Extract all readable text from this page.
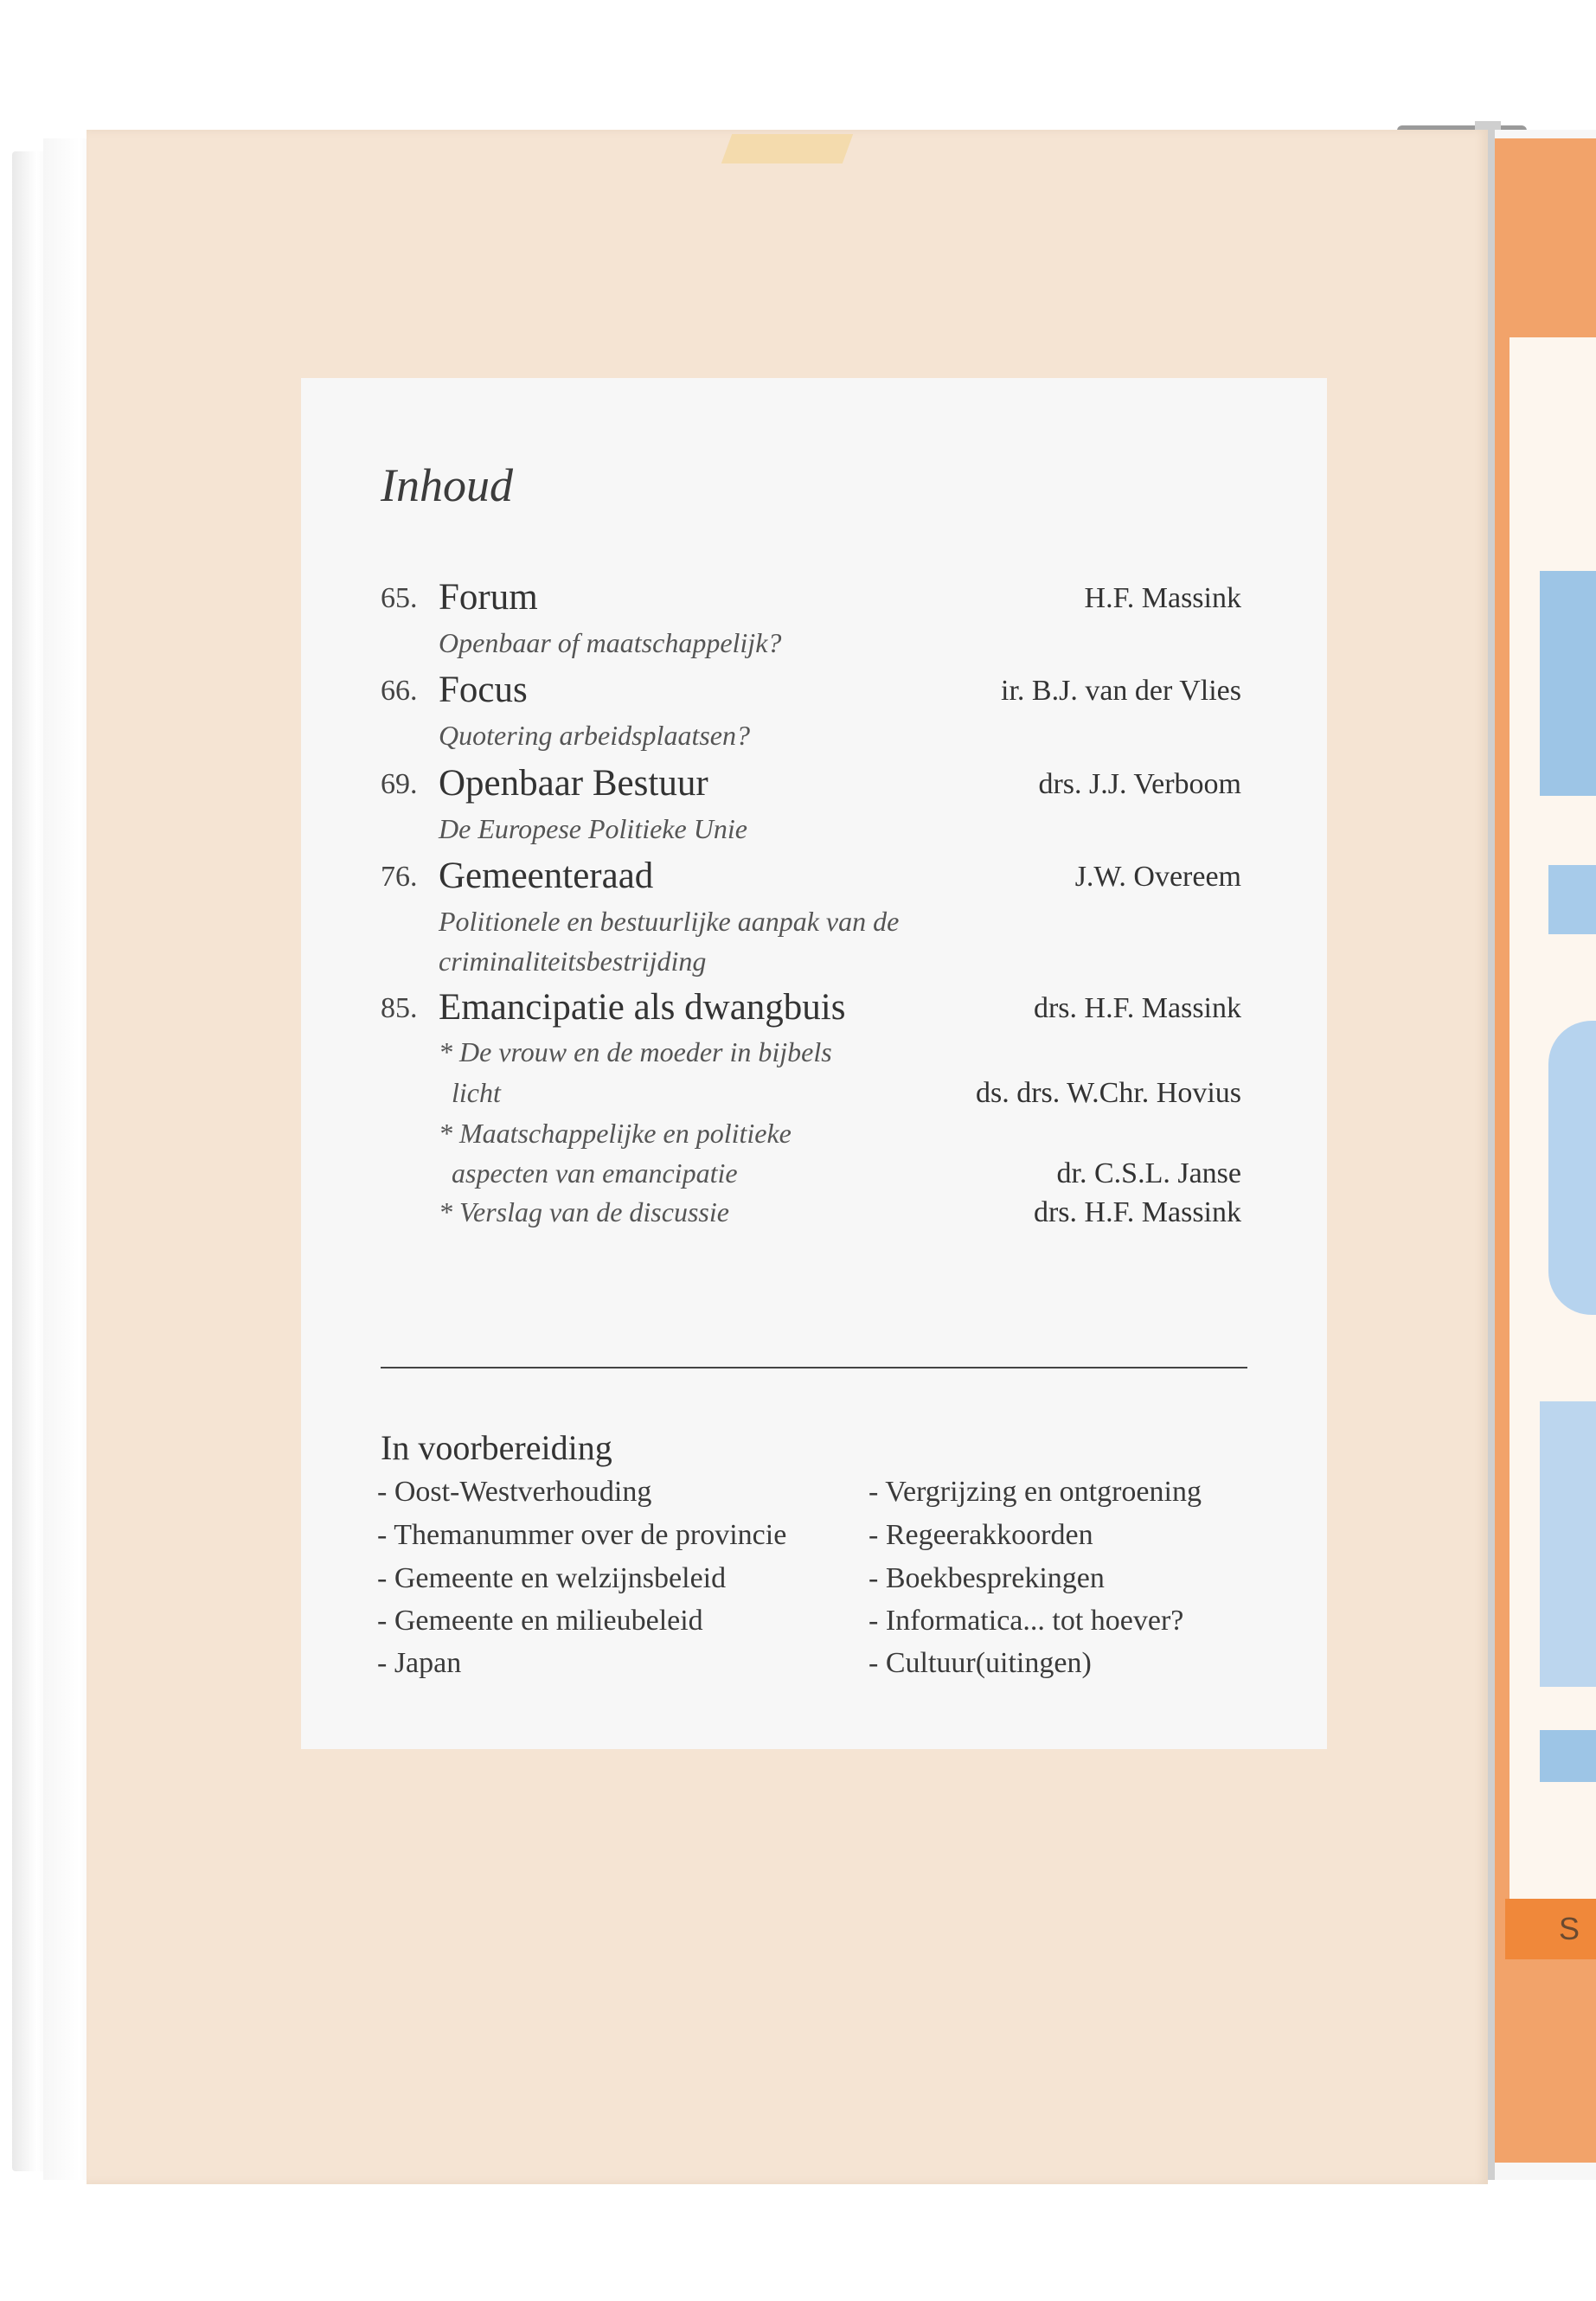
S
Inhoud
65. Forum	H.F. Massink
Openbaar of maatschappelijk?
66. Focus	ir. B.J. van der Vlies
Quotering arbeidsplaatsen?
69. Openbaar Bestuur	drs. J.J. Verboom
De Europese Politieke Unie
76. Gemeenteraad	J.W. Overeem
Politionele en bestuurlijke aanpak van de
criminaliteitsbestrijding
85. Emancipatie als dwangbuis	drs. H.F. Massink
* De vrouw en de moeder in bijbels
licht	ds. drs. W.Chr. Hovius
* Maatschappelijke en politieke
aspecten van emancipatie	dr. C.S.L. Janse
* Verslag van de discussie	drs. H.F. Massink
In voorbereiding
- Oost-Westverhouding
- Themanummer over de provincie
- Gemeente en welzijnsbeleid
- Gemeente en milieubeleid
- Japan
- Vergrijzing en ontgroening
- Regeerakkoorden
- Boekbesprekingen
- Informatica... tot hoever?
- Cultuur(uitingen)
